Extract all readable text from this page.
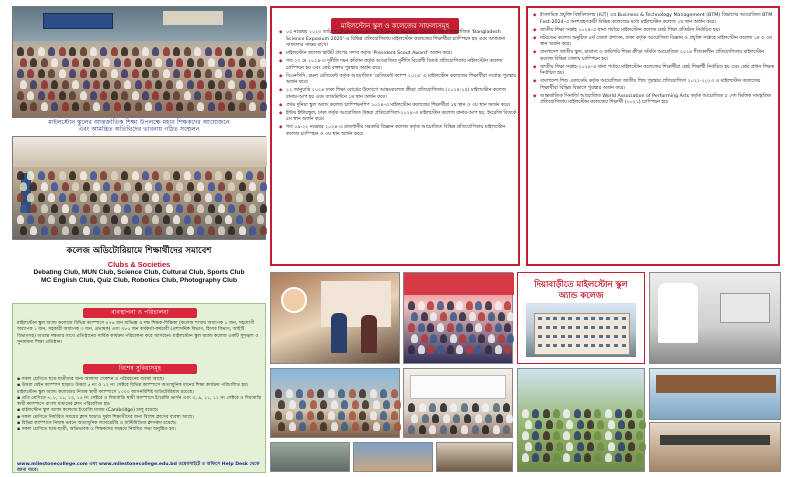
মাইলস্টোন স্কুলের আন্তর্জাতিক শিক্ষা উপলক্ষে মহান শিক্ষকদের আয়োজনে
এবং আমন্ত্রিত অতিথিদের ভাবনায় গঠিত সম্মেলন
কলেজ অডিটোরিয়ামে শিক্ষার্থীদের সমাবেশ
Clubs & Societies

Debating Club, MUN Club, Science Club, Cultural Club, Sports Club

MC English Club, Quiz Club, Robotics Club, Photography Club

ব্যবস্থাপনা ও পরিচালনা
মাইলস্টোন স্কুল অ্যান্ড কলেজে বিভিন্ন ক্যাম্পাসে ৪৭৬ জন অভিজ্ঞ ও দক্ষ শিক্ষক-শিক্ষিকা (কলেজ শাখায় অধ্যাপক ১ জন, সহযোগী অধ্যাপক ১ জন, সহকারী অধ্যাপক ৩ জন, প্রভাষক) এবং ৩৮৫ জন কর্মকর্তা-কর্মচারী (প্রশাসনিক বিভাগ, হিসাব বিভাগ, আইটি বিভাগসহ) অত্যন্ত দক্ষতার সাথে প্রতিষ্ঠানের সার্বিক কার্যক্রম পরিচালনা করে আসছেন। মাইলস্টোন স্কুল অ্যান্ড কলেজ একটি সুশৃঙ্খল ও সুনামধন্য শিক্ষা প্রতিষ্ঠান।
বিশেষ সুবিধাসমূহ
▪ সকল শ্রেণিতে ছাত্র-ছাত্রীদের জন্য আলাদা সেকশন ও পরিবহনের ব্যবস্থা আছে।
▪ উত্তরা মেইন ক্যাম্পাস ছাড়াও উত্তরা ৫ নং ও ১২ নং সেক্টরে বিভিন্ন ক্যাম্পাসে অত্যাধুনিক মানের শিক্ষা কার্যক্রম পরিচালিত হয়। মাইলস্টোন স্কুল অ্যান্ড কলেজের নিজস্ব স্থায়ী ক্যাম্পাসে ১০০০ আসনবিশিষ্ট অডিটোরিয়াম রয়েছে।
▪ প্রতি শ্রেণিতে ৭, ৮, ১১, ১৩, ১৫ নং সেক্টরে ও দিয়াবাড়ি স্থায়ী ক্যাম্পাসে ইংরেজি ভার্সন এবং ৩, ৯, ১১, ১২ নং সেক্টরে ও দিয়াবাড়ি স্থায়ী ক্যাম্পাসে বাংলা মাধ্যমের ক্লাস পরিচালিত হয়।
▪ মাইলস্টোন স্কুল অ্যান্ড কলেজে ইংরেজি মাধ্যম (Cambridge) চালু রয়েছে।
▪ সকল শ্রেণিতে নির্ধারিত সময়ের ক্লাস ছাড়াও দুর্বল শিক্ষার্থীদের জন্য বিশেষ ক্লাসের ব্যবস্থা আছে।
▪ বিভিন্ন ক্যাম্পাসে নিজস্ব ভবনে অত্যাধুনিক ল্যাবরেটরি ও মাল্টিমিডিয়া ক্লাসরুম রয়েছে।
▪ সকল শ্রেণিতে ছাত্র-ছাত্রী, অভিভাবক ও শিক্ষকদের সমন্বয়ে নিয়মিত সভা অনুষ্ঠিত হয়।
www.milestonecollege.com এবং www.milestonecollege.edu.bd ওয়েবসাইটে ও অফিসে Help Desk থেকে জানা যাবে।
মাইলস্টোন স্কুল ও কলেজের সাফল্যসমূহ
◆ ০৫ নভেম্বর ২০২৩ তারিখে Dhaka University Science Society (DUSS) কর্তৃক আয়োজিত 'Bangladesh Science Exposium 2025'-এ বিভিন্ন প্রতিযোগিতায় মাইলস্টোন কলেজের শিক্ষার্থীরা চ্যাম্পিয়ন হয় এবং অসামান্য সাফল্যের সাক্ষর রাখে।
◆ মাইলস্টোন কলেজ স্কাউট গ্রুপের সদস্য কর্তৃক 'President Scout Award' অর্জন করে।
◆ গত ২৭ মে ২০২৪-এ দুর্নীতি দমন কমিশন কর্তৃক আয়োজিত দুর্নীতি বিরোধী বিতর্ক প্রতিযোগিতায় মাইলস্টোন কলেজ চ্যাম্পিয়ন হয় এবং শ্রেষ্ঠ বক্তার পুরস্কার অর্জন করে।
◆ বিএনসিসি, রমনা রেজিমেন্ট কর্তৃক আয়োজিত 'রেজিমেন্ট ক্যাম্প ২০২৪' এ মাইলস্টোন কলেজের শিক্ষার্থীরা সর্বোচ্চ পুরস্কার অর্জন করে।
◆ ১২ জানুয়ারি ২০২৪ ঢাকা শিক্ষা বোর্ডের উদ্যোগে আন্তঃকলেজ ক্রীড়া প্রতিযোগিতায় (২০২৪-২৫) মাইলস্টোন কলেজ রানার-আপ হয় এবং ব্যাডমিন্টনে ১ম স্থান অর্জন করে।
◆ প্রথম দুনিয়া স্কুল অ্যান্ড কলেজ চ্যাম্পিয়নশিপ ২০২৪-এ মাইলস্টোন কলেজের শিক্ষার্থীরা ২য় স্থান ও ৩য় স্থান অর্জন করে।
◆ ইন্টার ইন্টারস্কুল, ঢাকা কর্তৃক আয়োজিত উত্তরা প্রতিযোগিতা-২০২৪-এ মাইলস্টোন কলেজ রানার-আপ হয়, ইংরেজি বিতর্কে ৫ম স্থান অর্জন করে।
◆ গত ০৯-২২ নভেম্বর ২০২৪-এ রাজধানীর সরকারি বিজ্ঞান কলেজ কর্তৃক আয়োজিত বিভিন্ন প্রতিযোগিতায় মাইলস্টোন কলেজ চ্যাম্পিয়ন ও ৩য় স্থান অর্জন করে।
◆ ইসলামিক প্রযুক্তি বিশ্ববিদ্যালয় (IUT) এর Business & Technology Management (BTM) বিভাগের আয়োজিত BTM Fest-2024-এ অংশগ্রহণকারী বিভিন্ন কলেজের মধ্যে মাইলস্টোন কলেজ ২য় স্থান অর্জন করে।
◆ জাতীয় শিক্ষা সপ্তাহ ২০২৪-এ থানা পর্যায়ে মাইলস্টোন কলেজ শ্রেষ্ঠ শিক্ষা প্রতিষ্ঠান নির্বাচিত হয়।
◆ নটরডেম কলেজ অনুষ্ঠিত ৪র্থ জেলা প্রশাসন, ঢাকা কর্তৃক আয়োজিত বিজ্ঞান ও প্রযুক্তি সপ্তাহে মাইলস্টোন কলেজ ১ম ও ৩য় স্থান অর্জন করে।
◆ বাংলাদেশ জাতীয় স্কুল, মাদ্রাসা ও কারিগরি শিক্ষা ক্রীড়া সমিতি আয়োজিত ২০২৪ শীতকালীন প্রতিযোগিতায় মাইলস্টোন কলেজ বিভিন্ন খেলায় চ্যাম্পিয়ন হয়।
◆ জাতীয় শিক্ষা সপ্তাহ-২০২৪-এ থানা পর্যায়ে মাইলস্টোন কলেজের শিক্ষার্থীরা শ্রেষ্ঠ শিক্ষার্থী নির্বাচিত হয় এবং শ্রেষ্ঠ প্রধান শিক্ষক নির্বাচিত হয়।
◆ বাংলাদেশ শিশু একাডেমি কর্তৃক আয়োজিত জাতীয় শিশু পুরস্কার প্রতিযোগিতা ২০২২-২০২৩ এ মাইলস্টোন কলেজের শিক্ষার্থীরা বিভিন্ন বিভাগে পুরস্কার অর্জন করে।
◆ আন্তর্জাতিক সিনার্জি আয়োজিত World Association of Performing Arts কর্তৃক আয়োজিত ৫ দেশ ভিত্তিক সাংস্কৃতিক প্রতিযোগিতায় মাইলস্টোন কলেজের শিক্ষার্থী (২০২১) চ্যাম্পিয়ন হয়।
দিয়াবাড়ীতে মাইলস্টোন স্কুল
অ্যান্ড কলেজ
